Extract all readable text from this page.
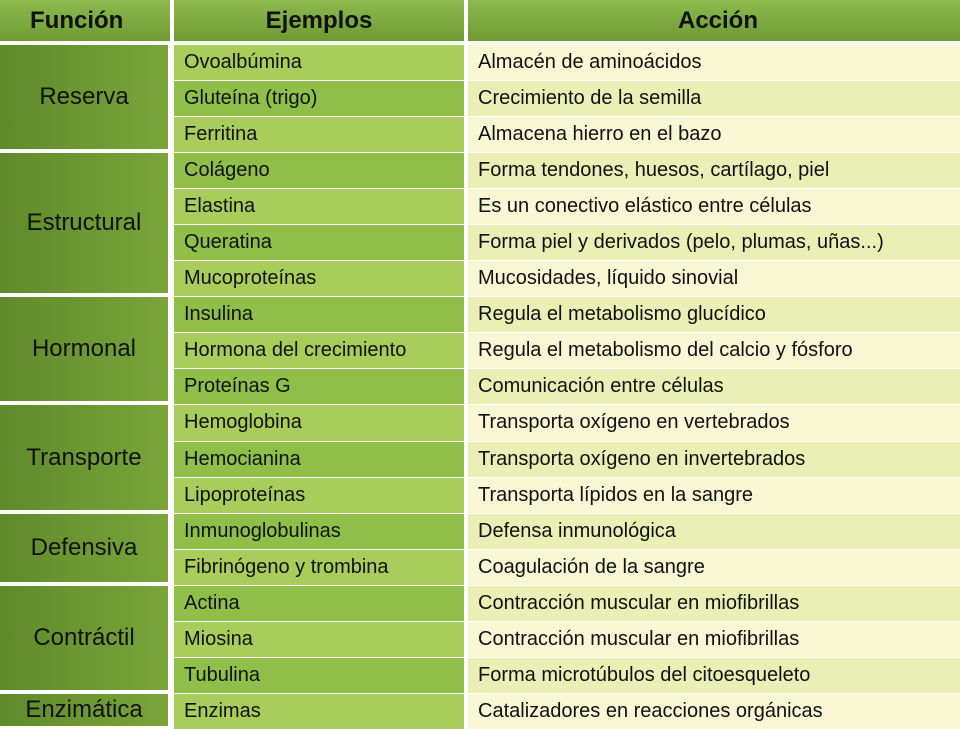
Función	Ejemplos	Acción
Reserva
Ovoalbúmina	Almacén de aminoácidos
Gluteína (trigo)	Crecimiento de la semilla
Ferritina	Almacena hierro en el bazo
Estructural
Colágeno	Forma tendones, huesos, cartílago, piel
Elastina	Es un conectivo elástico entre células
Queratina	Forma piel y derivados (pelo, plumas, uñas...)
Mucoproteínas	Mucosidades, líquido sinovial
Hormonal
Insulina	Regula el metabolismo glucídico
Hormona del crecimiento	Regula el metabolismo del calcio y fósforo
Proteínas G	Comunicación entre células
Transporte
Hemoglobina	Transporta oxígeno en vertebrados
Hemocianina	Transporta oxígeno en invertebrados
Lipoproteínas	Transporta lípidos en la sangre
Defensiva
Inmunoglobulinas	Defensa inmunológica
Fibrinógeno y trombina	Coagulación de la sangre
Contráctil
Actina	Contracción muscular en miofibrillas
Miosina	Contracción muscular en miofibrillas
Tubulina	Forma microtúbulos del citoesqueleto
Enzimática	Enzimas	Catalizadores en reacciones orgánicas
